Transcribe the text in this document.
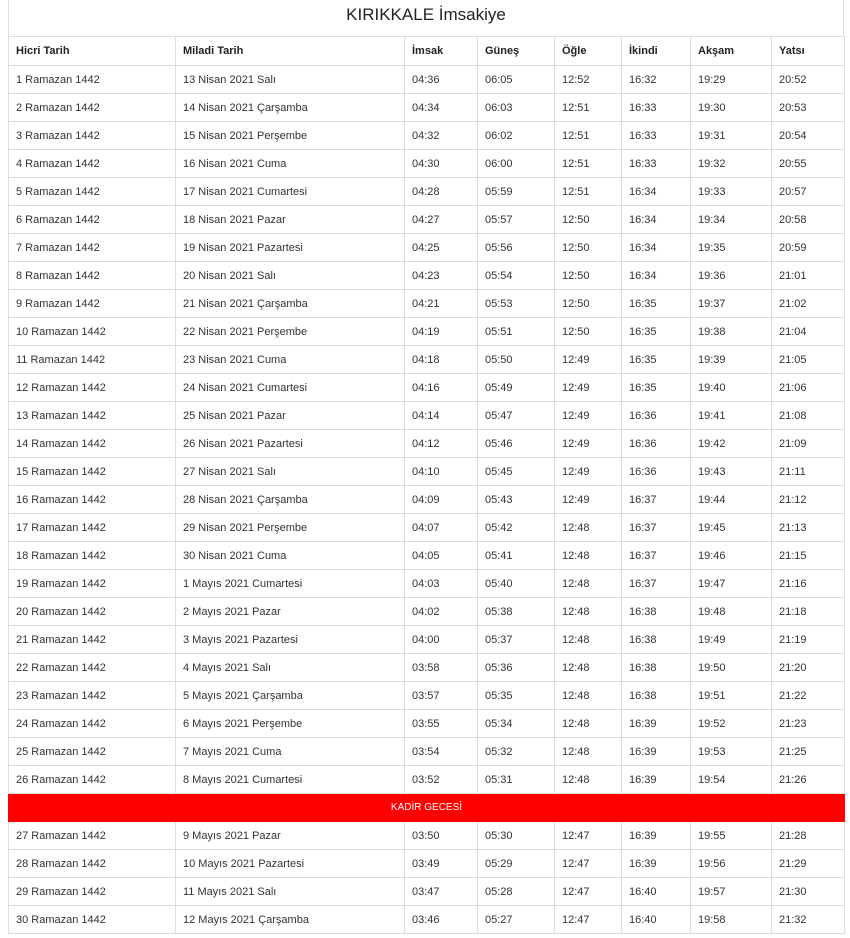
KIRIKKALE İmsakiye
Hicri Tarih	Miladi Tarih	İmsak	Güneş	Öğle	İkindi	Akşam	Yatsı
1 Ramazan 1442	13 Nisan 2021 Salı	04:36	06:05	12:52	16:32	19:29	20:52
2 Ramazan 1442	14 Nisan 2021 Çarşamba	04:34	06:03	12:51	16:33	19:30	20:53
3 Ramazan 1442	15 Nisan 2021 Perşembe	04:32	06:02	12:51	16:33	19:31	20:54
4 Ramazan 1442	16 Nisan 2021 Cuma	04:30	06:00	12:51	16:33	19:32	20:55
5 Ramazan 1442	17 Nisan 2021 Cumartesi	04:28	05:59	12:51	16:34	19:33	20:57
6 Ramazan 1442	18 Nisan 2021 Pazar	04:27	05:57	12:50	16:34	19:34	20:58
7 Ramazan 1442	19 Nisan 2021 Pazartesi	04:25	05:56	12:50	16:34	19:35	20:59
8 Ramazan 1442	20 Nisan 2021 Salı	04:23	05:54	12:50	16:34	19:36	21:01
9 Ramazan 1442	21 Nisan 2021 Çarşamba	04:21	05:53	12:50	16:35	19:37	21:02
10 Ramazan 1442	22 Nisan 2021 Perşembe	04:19	05:51	12:50	16:35	19:38	21:04
11 Ramazan 1442	23 Nisan 2021 Cuma	04:18	05:50	12:49	16:35	19:39	21:05
12 Ramazan 1442	24 Nisan 2021 Cumartesi	04:16	05:49	12:49	16:35	19:40	21:06
13 Ramazan 1442	25 Nisan 2021 Pazar	04:14	05:47	12:49	16:36	19:41	21:08
14 Ramazan 1442	26 Nisan 2021 Pazartesi	04:12	05:46	12:49	16:36	19:42	21:09
15 Ramazan 1442	27 Nisan 2021 Salı	04:10	05:45	12:49	16:36	19:43	21:11
16 Ramazan 1442	28 Nisan 2021 Çarşamba	04:09	05:43	12:49	16:37	19:44	21:12
17 Ramazan 1442	29 Nisan 2021 Perşembe	04:07	05:42	12:48	16:37	19:45	21:13
18 Ramazan 1442	30 Nisan 2021 Cuma	04:05	05:41	12:48	16:37	19:46	21:15
19 Ramazan 1442	1 Mayıs 2021 Cumartesi	04:03	05:40	12:48	16:37	19:47	21:16
20 Ramazan 1442	2 Mayıs 2021 Pazar	04:02	05:38	12:48	16:38	19:48	21:18
21 Ramazan 1442	3 Mayıs 2021 Pazartesi	04:00	05:37	12:48	16:38	19:49	21:19
22 Ramazan 1442	4 Mayıs 2021 Salı	03:58	05:36	12:48	16:38	19:50	21:20
23 Ramazan 1442	5 Mayıs 2021 Çarşamba	03:57	05:35	12:48	16:38	19:51	21:22
24 Ramazan 1442	6 Mayıs 2021 Perşembe	03:55	05:34	12:48	16:39	19:52	21:23
25 Ramazan 1442	7 Mayıs 2021 Cuma	03:54	05:32	12:48	16:39	19:53	21:25
26 Ramazan 1442	8 Mayıs 2021 Cumartesi	03:52	05:31	12:48	16:39	19:54	21:26
KADİR GECESİ							
27 Ramazan 1442	9 Mayıs 2021 Pazar	03:50	05:30	12:47	16:39	19:55	21:28
28 Ramazan 1442	10 Mayıs 2021 Pazartesi	03:49	05:29	12:47	16:39	19:56	21:29
29 Ramazan 1442	11 Mayıs 2021 Salı	03:47	05:28	12:47	16:40	19:57	21:30
30 Ramazan 1442	12 Mayıs 2021 Çarşamba	03:46	05:27	12:47	16:40	19:58	21:32
